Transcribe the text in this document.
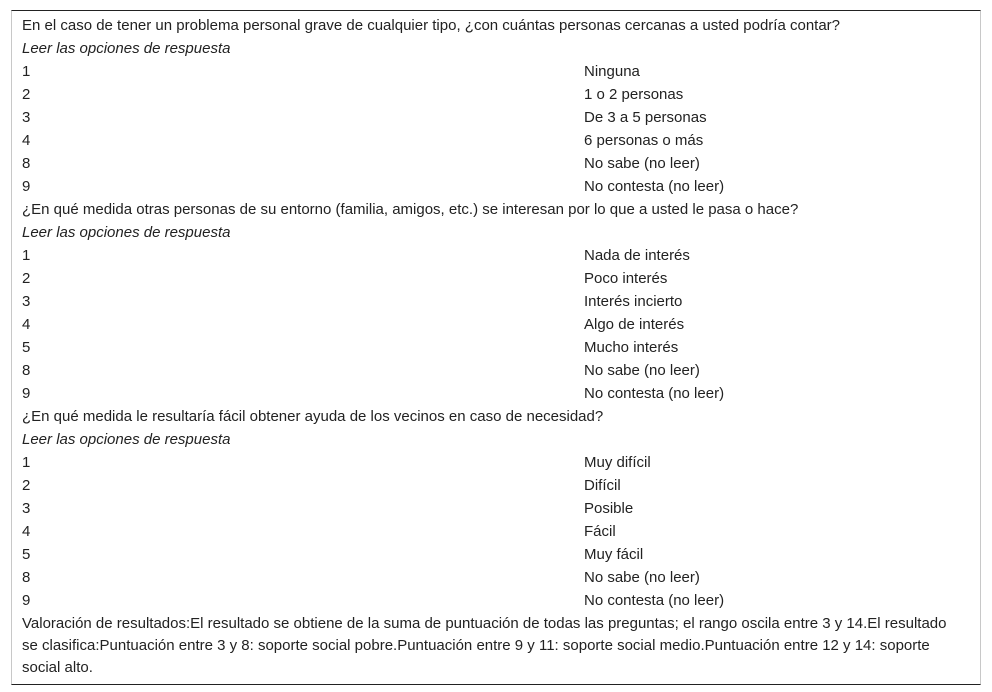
En el caso de tener un problema personal grave de cualquier tipo, ¿con cuántas personas cercanas a usted podría contar?
Leer las opciones de respuesta
1	Ninguna
2	1 o 2 personas
3	De 3 a 5 personas
4	6 personas o más
8	No sabe (no leer)
9	No contesta (no leer)
¿En qué medida otras personas de su entorno (familia, amigos, etc.) se interesan por lo que a usted le pasa o hace?
Leer las opciones de respuesta
1	Nada de interés
2	Poco interés
3	Interés incierto
4	Algo de interés
5	Mucho interés
8	No sabe (no leer)
9	No contesta (no leer)
¿En qué medida le resultaría fácil obtener ayuda de los vecinos en caso de necesidad?
Leer las opciones de respuesta
1	Muy difícil
2	Difícil
3	Posible
4	Fácil
5	Muy fácil
8	No sabe (no leer)
9	No contesta (no leer)
Valoración de resultados:El resultado se obtiene de la suma de puntuación de todas las preguntas; el rango oscila entre 3 y 14.El resultado se clasifica:Puntuación entre 3 y 8: soporte social pobre.Puntuación entre 9 y 11: soporte social medio.Puntuación entre 12 y 14: soporte social alto.
